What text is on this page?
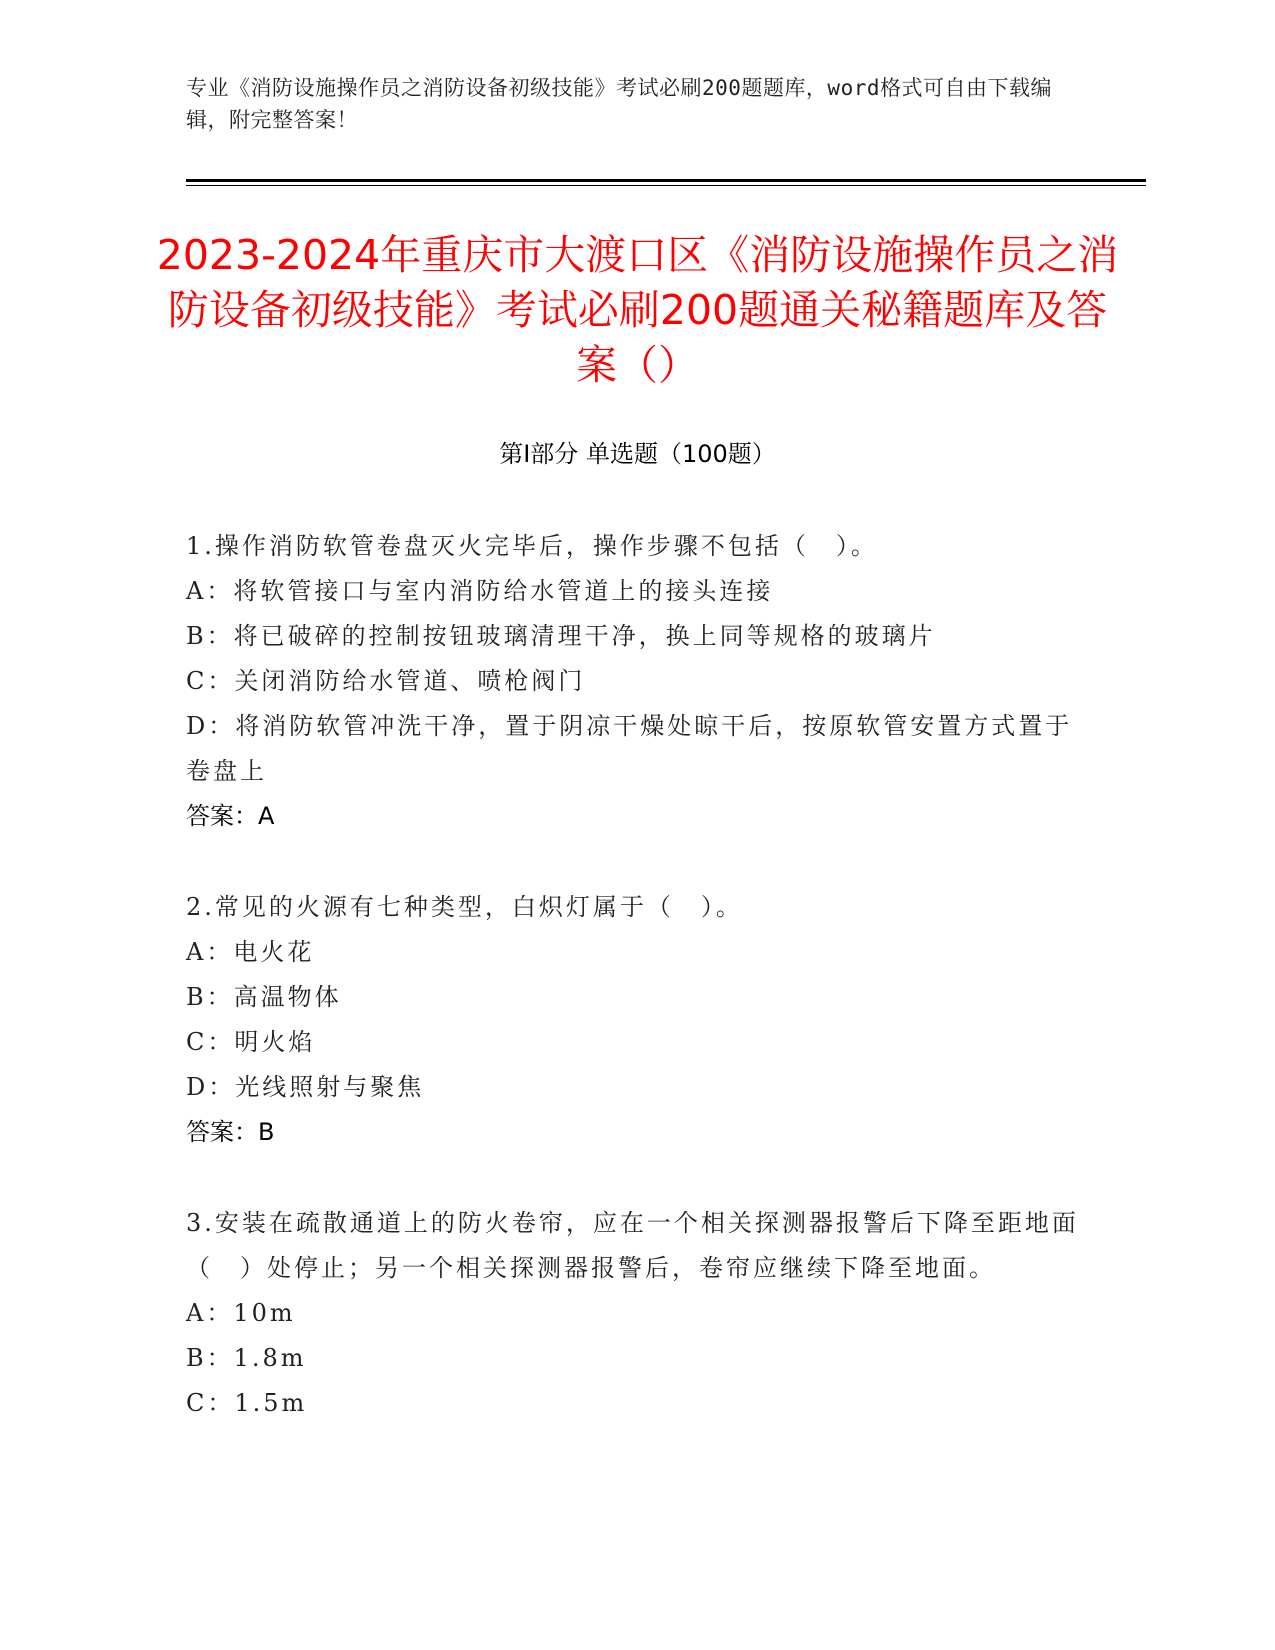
专业《消防设施操作员之消防设备初级技能》考试必刷200题题库，word格式可自由下载编辑，附完整答案！
2023-2024年重庆市大渡口区《消防设施操作员之消防设备初级技能》考试必刷200题通关秘籍题库及答案（）
第Ⅰ部分 单选题（100题）
1.操作消防软管卷盘灭火完毕后，操作步骤不包括（　）。
A：将软管接口与室内消防给水管道上的接头连接
B：将已破碎的控制按钮玻璃清理干净，换上同等规格的玻璃片
C：关闭消防给水管道、喷枪阀门
D：将消防软管冲洗干净，置于阴凉干燥处晾干后，按原软管安置方式置于卷盘上
答案：A
2.常见的火源有七种类型，白炽灯属于（　）。
A：电火花
B：高温物体
C：明火焰
D：光线照射与聚焦
答案：B
3.安装在疏散通道上的防火卷帘，应在一个相关探测器报警后下降至距地面（　）处停止；另一个相关探测器报警后，卷帘应继续下降至地面。
A：10m
B：1.8m
C：1.5m
